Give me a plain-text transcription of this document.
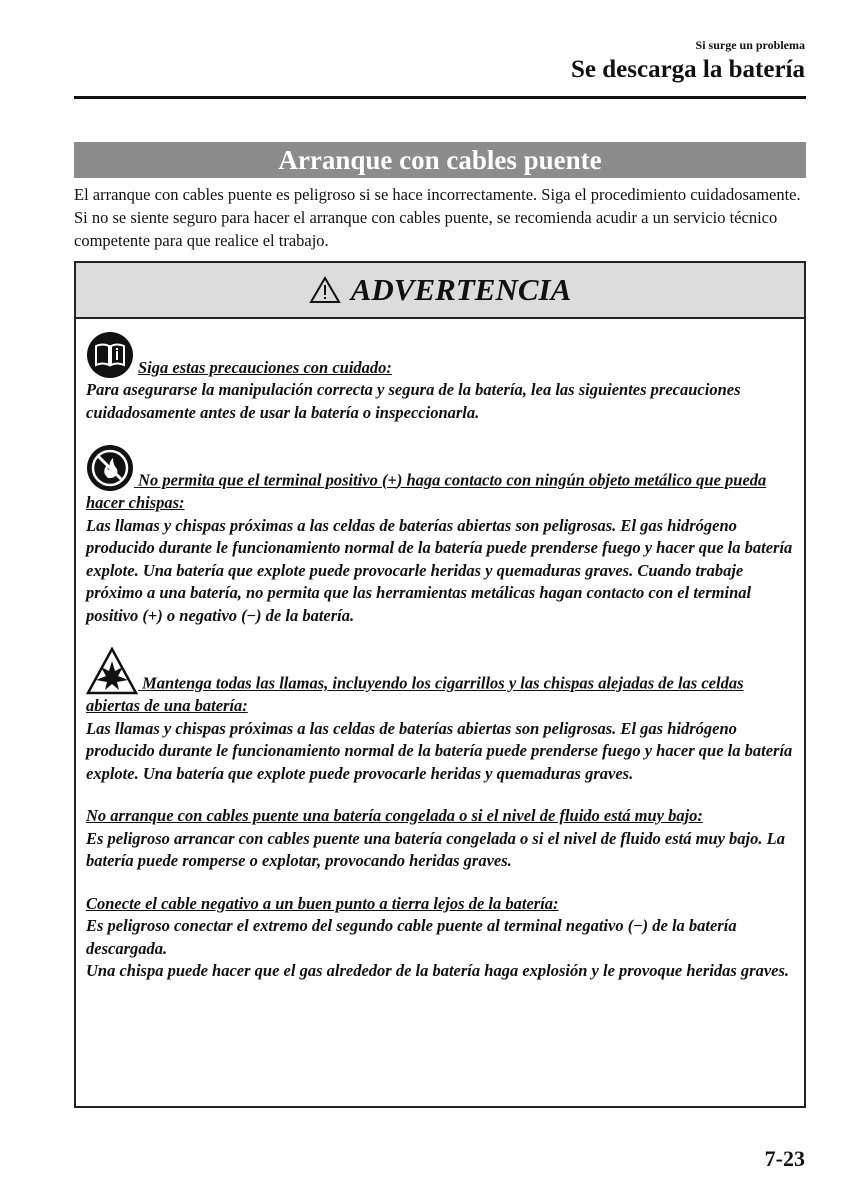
Si surge un problema
Se descarga la batería
Arranque con cables puente
El arranque con cables puente es peligroso si se hace incorrectamente. Siga el procedimiento cuidadosamente. Si no se siente seguro para hacer el arranque con cables puente, se recomienda acudir a un servicio técnico competente para que realice el trabajo.
ADVERTENCIA
Siga estas precauciones con cuidado:
Para asegurarse la manipulación correcta y segura de la batería, lea las siguientes precauciones cuidadosamente antes de usar la batería o inspeccionarla.
No permita que el terminal positivo (+) haga contacto con ningún objeto metálico que pueda hacer chispas:
Las llamas y chispas próximas a las celdas de baterías abiertas son peligrosas. El gas hidrógeno producido durante le funcionamiento normal de la batería puede prenderse fuego y hacer que la batería explote. Una batería que explote puede provocarle heridas y quemaduras graves. Cuando trabaje próximo a una batería, no permita que las herramientas metálicas hagan contacto con el terminal positivo (+) o negativo (−) de la batería.
Mantenga todas las llamas, incluyendo los cigarrillos y las chispas alejadas de las celdas abiertas de una batería:
Las llamas y chispas próximas a las celdas de baterías abiertas son peligrosas. El gas hidrógeno producido durante le funcionamiento normal de la batería puede prenderse fuego y hacer que la batería explote. Una batería que explote puede provocarle heridas y quemaduras graves.
No arranque con cables puente una batería congelada o si el nivel de fluido está muy bajo:
Es peligroso arrancar con cables puente una batería congelada o si el nivel de fluido está muy bajo. La batería puede romperse o explotar, provocando heridas graves.
Conecte el cable negativo a un buen punto a tierra lejos de la batería:
Es peligroso conectar el extremo del segundo cable puente al terminal negativo (−) de la batería descargada.
Una chispa puede hacer que el gas alrededor de la batería haga explosión y le provoque heridas graves.
7-23
